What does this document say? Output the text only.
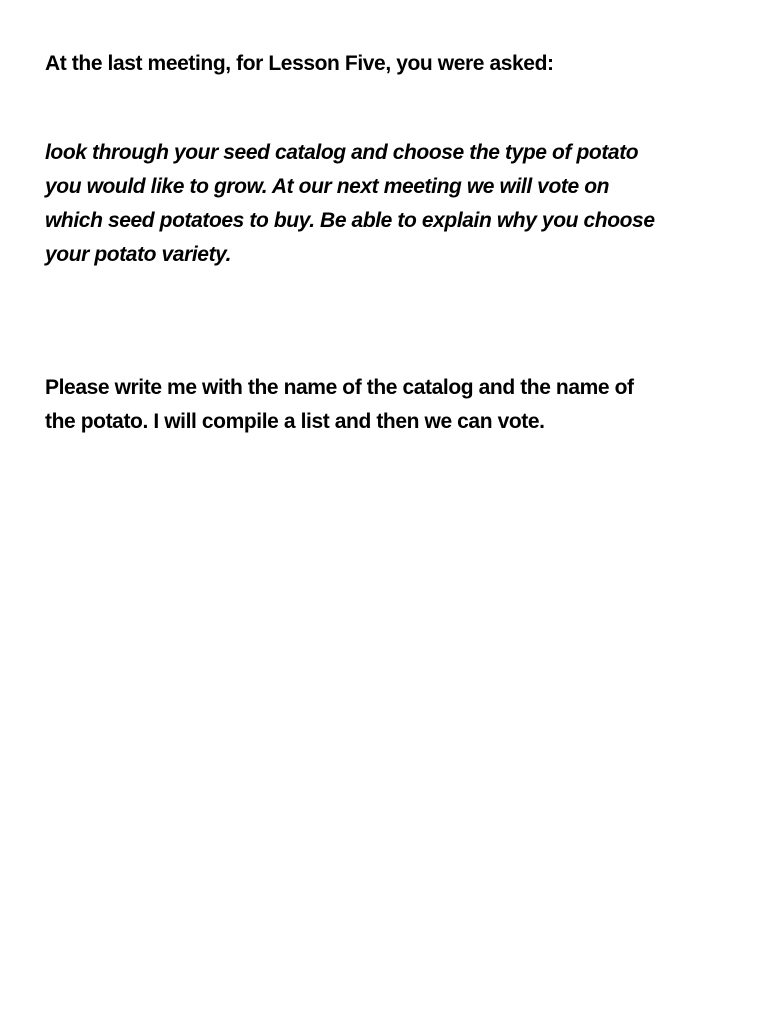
At the last meeting, for Lesson Five, you were asked:

look through your seed catalog and choose the type of potato
you would like to grow. At our next meeting we will vote on
which seed potatoes to buy. Be able to explain why you choose
your potato variety.

Please write me with the name of the catalog and the name of
the potato. I will compile a list and then we can vote.
